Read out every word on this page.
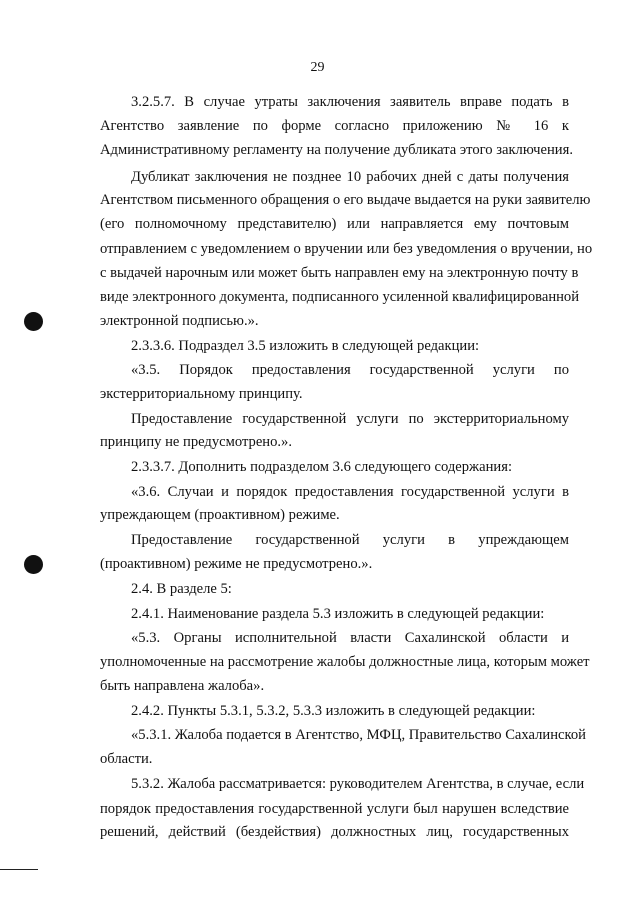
29
3.2.5.7. В случае утраты заключения заявитель вправе подать в
Агентство заявление по форме согласно приложению № 16 к
Административному регламенту на получение дубликата этого заключения.
Дубликат заключения не позднее 10 рабочих дней с даты получения
Агентством письменного обращения о его выдаче выдается на руки заявителю
(его полномочному представителю) или направляется ему почтовым
отправлением с уведомлением о вручении или без уведомления о вручении, но
с выдачей нарочным или может быть направлен ему на электронную почту в
виде электронного документа, подписанного усиленной квалифицированной
электронной подписью.».
2.3.3.6. Подраздел 3.5 изложить в следующей редакции:
«3.5. Порядок предоставления государственной услуги по
экстерриториальному принципу.
Предоставление государственной услуги по экстерриториальному
принципу не предусмотрено.».
2.3.3.7. Дополнить подразделом 3.6 следующего содержания:
«3.6. Случаи и порядок предоставления государственной услуги в
упреждающем (проактивном) режиме.
Предоставление государственной услуги в упреждающем
(проактивном) режиме не предусмотрено.».
2.4. В разделе 5:
2.4.1. Наименование раздела 5.3 изложить в следующей редакции:
«5.3. Органы исполнительной власти Сахалинской области и
уполномоченные на рассмотрение жалобы должностные лица, которым может
быть направлена жалоба».
2.4.2. Пункты 5.3.1, 5.3.2, 5.3.3 изложить в следующей редакции:
«5.3.1. Жалоба подается в Агентство, МФЦ, Правительство Сахалинской
области.
5.3.2. Жалоба рассматривается: руководителем Агентства, в случае, если
порядок предоставления государственной услуги был нарушен вследствие
решений, действий (бездействия) должностных лиц, государственных
